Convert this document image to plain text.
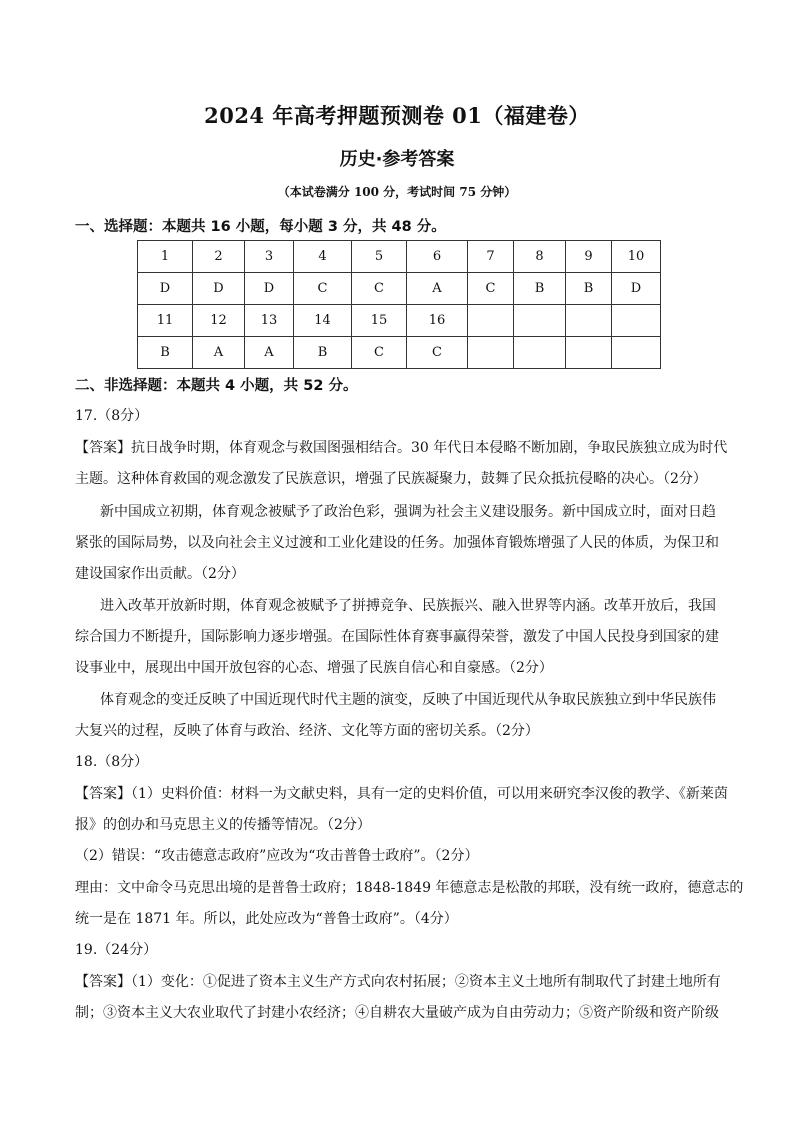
2024 年高考押题预测卷 01（福建卷）
历史·参考答案
（本试卷满分 100 分，考试时间 75 分钟）
一、选择题：本题共 16 小题，每小题 3 分，共 48 分。
1	2	3	4	5	6	7	8	9	10
D	D	D	C	C	A	C	B	B	D
11	12	13	14	15	16				
B	A	A	B	C	C				
二、非选择题：本题共 4 小题，共 52 分。
17.（8分）
【答案】抗日战争时期，体育观念与救国图强相结合。30 年代日本侵略不断加剧，争取民族独立成为时代
主题。这种体育救国的观念激发了民族意识，增强了民族凝聚力，鼓舞了民众抵抗侵略的决心。（2分）
新中国成立初期，体育观念被赋予了政治色彩，强调为社会主义建设服务。新中国成立时，面对日趋
紧张的国际局势，以及向社会主义过渡和工业化建设的任务。加强体育锻炼增强了人民的体质，为保卫和
建设国家作出贡献。（2分）
进入改革开放新时期，体育观念被赋予了拼搏竞争、民族振兴、融入世界等内涵。改革开放后，我国
综合国力不断提升，国际影响力逐步增强。在国际性体育赛事赢得荣誉，激发了中国人民投身到国家的建
设事业中，展现出中国开放包容的心态、增强了民族自信心和自豪感。（2分）
体育观念的变迁反映了中国近现代时代主题的演变，反映了中国近现代从争取民族独立到中华民族伟
大复兴的过程，反映了体育与政治、经济、文化等方面的密切关系。（2分）
18.（8分）
【答案】（1）史料价值：材料一为文献史料，具有一定的史料价值，可以用来研究李汉俊的教学、《新莱茵
报》的创办和马克思主义的传播等情况。（2分）
（2）错误：“攻击德意志政府”应改为“攻击普鲁士政府”。（2分）
理由：文中命令马克思出境的是普鲁士政府；1848-1849 年德意志是松散的邦联，没有统一政府，德意志的
统一是在 1871 年。所以，此处应改为“普鲁士政府”。（4分）
19.（24分）
【答案】（1）变化：①促进了资本主义生产方式向农村拓展；②资本主义土地所有制取代了封建土地所有
制；③资本主义大农业取代了封建小农经济；④自耕农大量破产成为自由劳动力；⑤资产阶级和资产阶级
